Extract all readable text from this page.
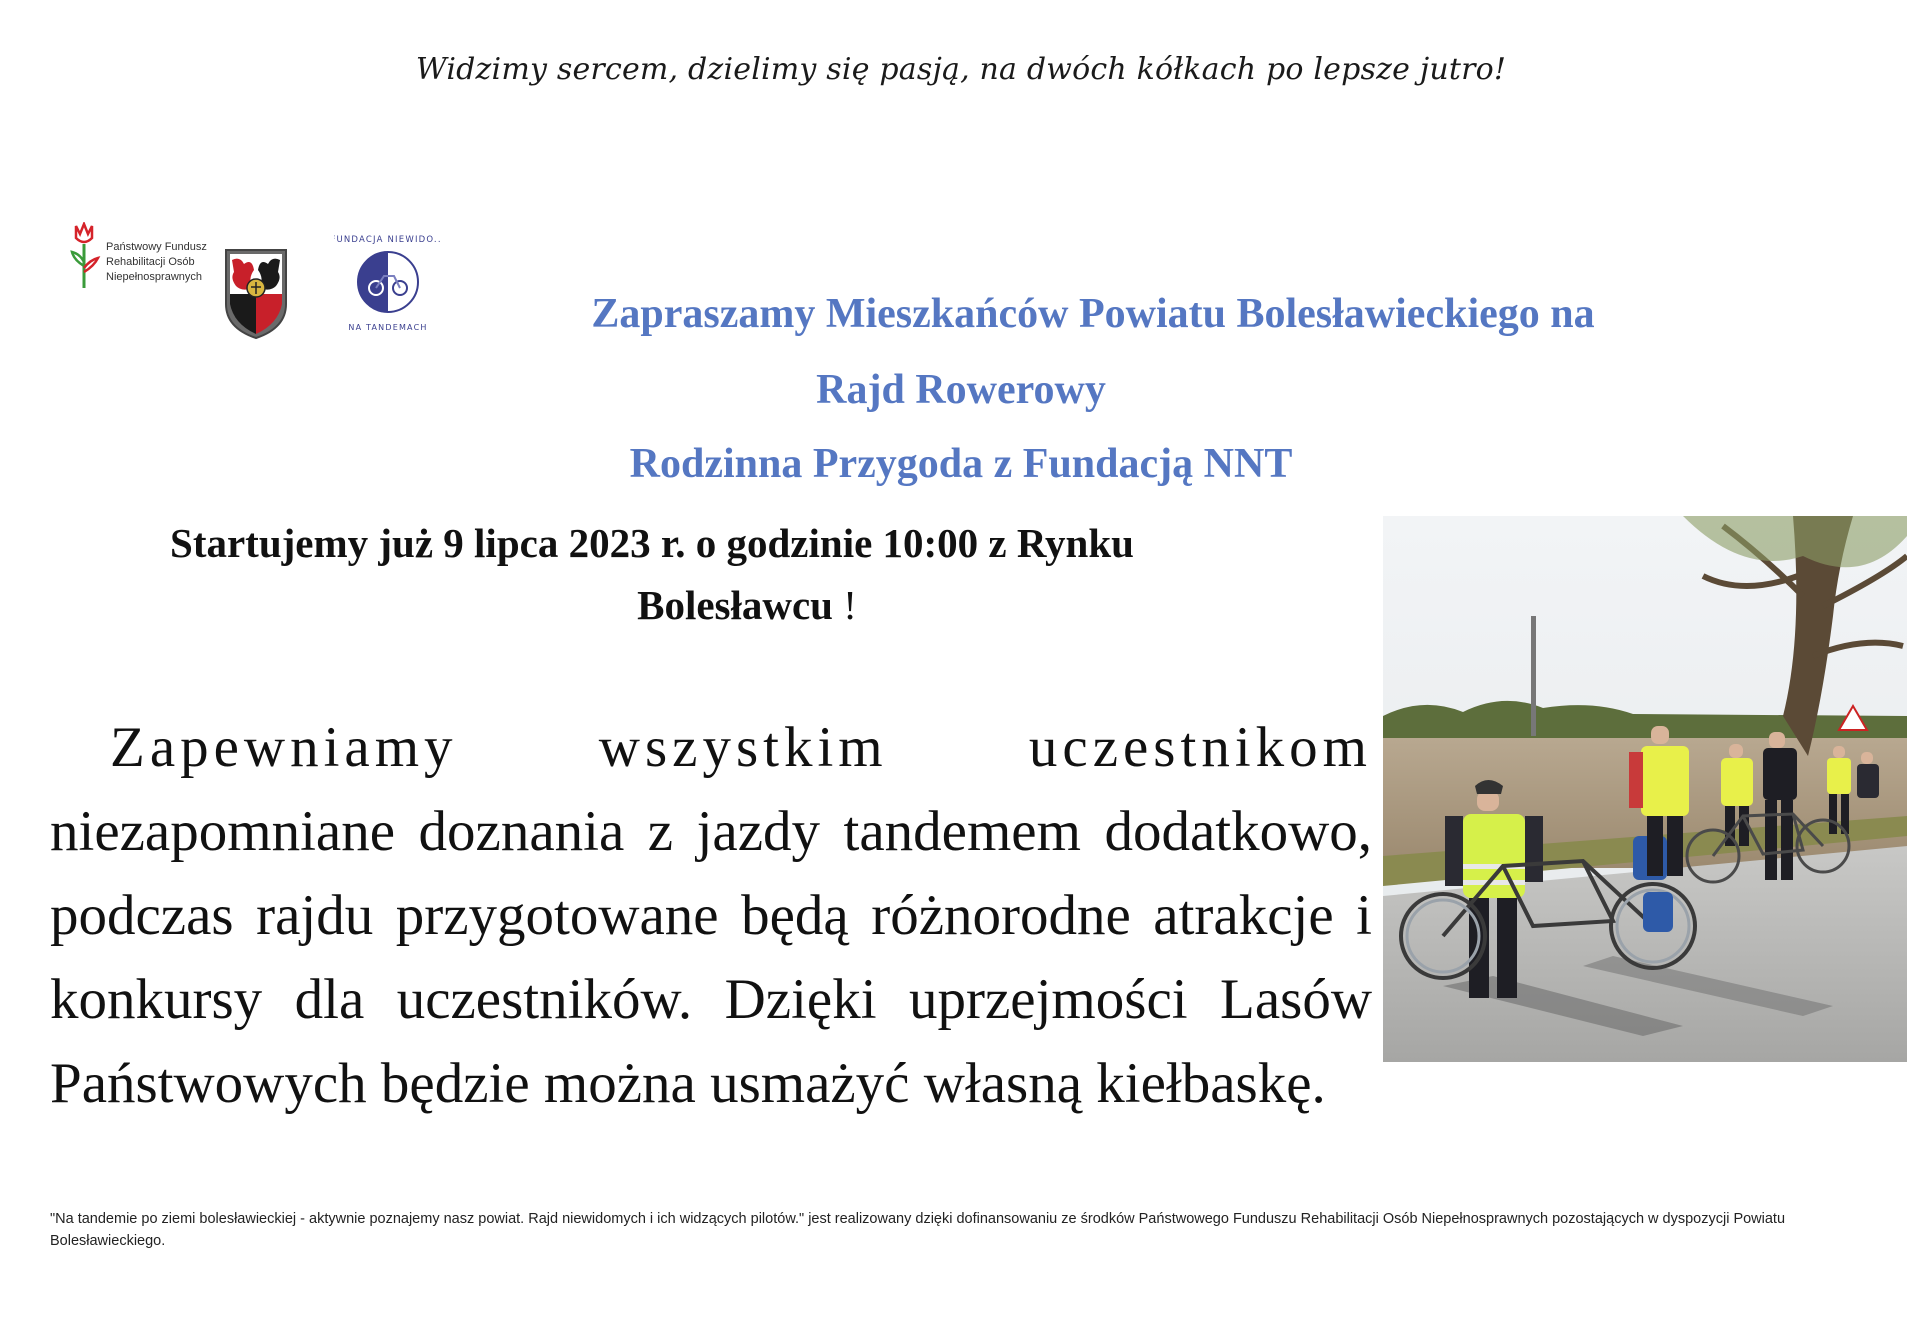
Widzimy sercem, dzielimy się pasją, na dwóch kółkach po lepsze jutro!
Państwowy Fundusz
Rehabilitacji Osób
Niepełnosprawnych
FUNDACJA NIEWIDO...
NA TANDEMACH	Zapraszamy Mieszkańców Powiatu Bolesławieckiego na
Rajd Rowerowy
Rodzinna Przygoda z Fundacją NNT
Startujemy już 9 lipca 2023 r. o godzinie 10:00 z Rynku
Bolesławcu !
Zapewniamy wszystkim uczestnikom
niezapomniane doznania z jazdy tandemem dodatkowo, podczas rajdu przygotowane będą różnorodne atrakcje i konkursy dla uczestników. Dzięki uprzejmości Lasów Państwowych będzie można usmażyć własną kiełbaskę.
"Na tandemie po ziemi bolesławieckiej - aktywnie poznajemy nasz powiat. Rajd niewidomych i ich widzących pilotów." jest realizowany dzięki dofinansowaniu ze środków Państwowego Funduszu Rehabilitacji Osób Niepełnosprawnych pozostających w dyspozycji Powiatu Bolesławieckiego.
